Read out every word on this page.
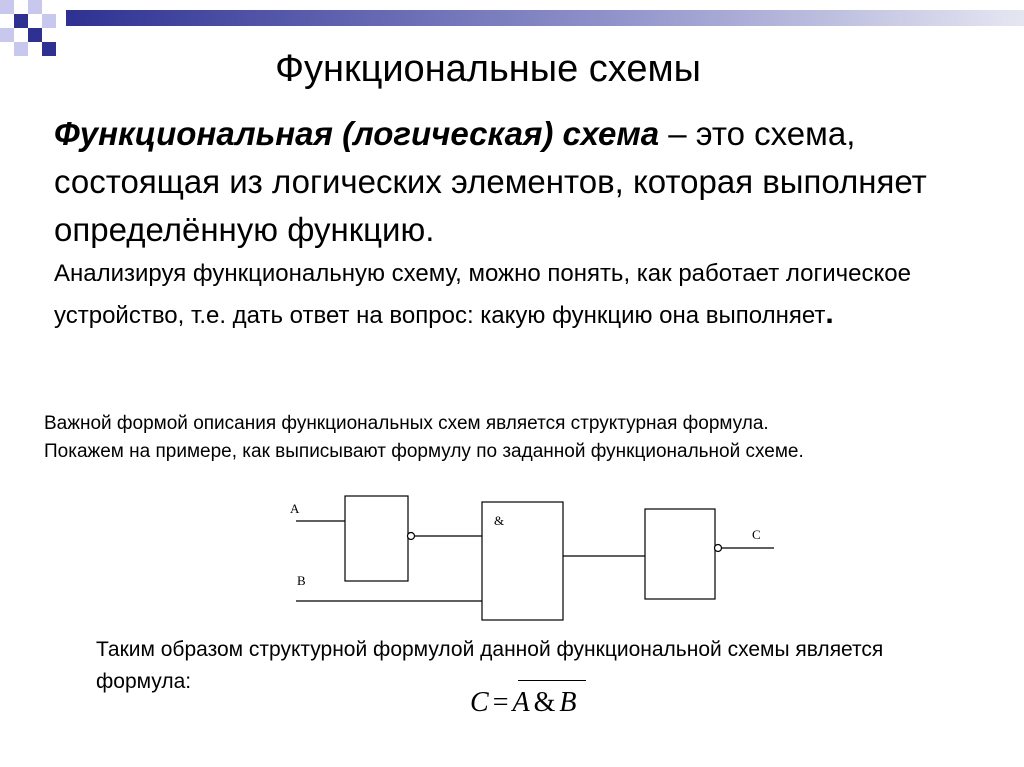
Функциональные схемы
Функциональная (логическая) схема – это схема, состоящая из логических элементов, которая выполняет определённую функцию.
Анализируя функциональную схему, можно понять, как работает логическое устройство, т.е. дать ответ на вопрос: какую функцию она выполняет.
Важной формой описания функциональных схем является структурная формула.
Покажем на примере, как выписывают формулу по заданной функциональной схеме.
A
B
&
C
Таким образом структурной формулой данной функциональной схемы является формула:
C = A & B
